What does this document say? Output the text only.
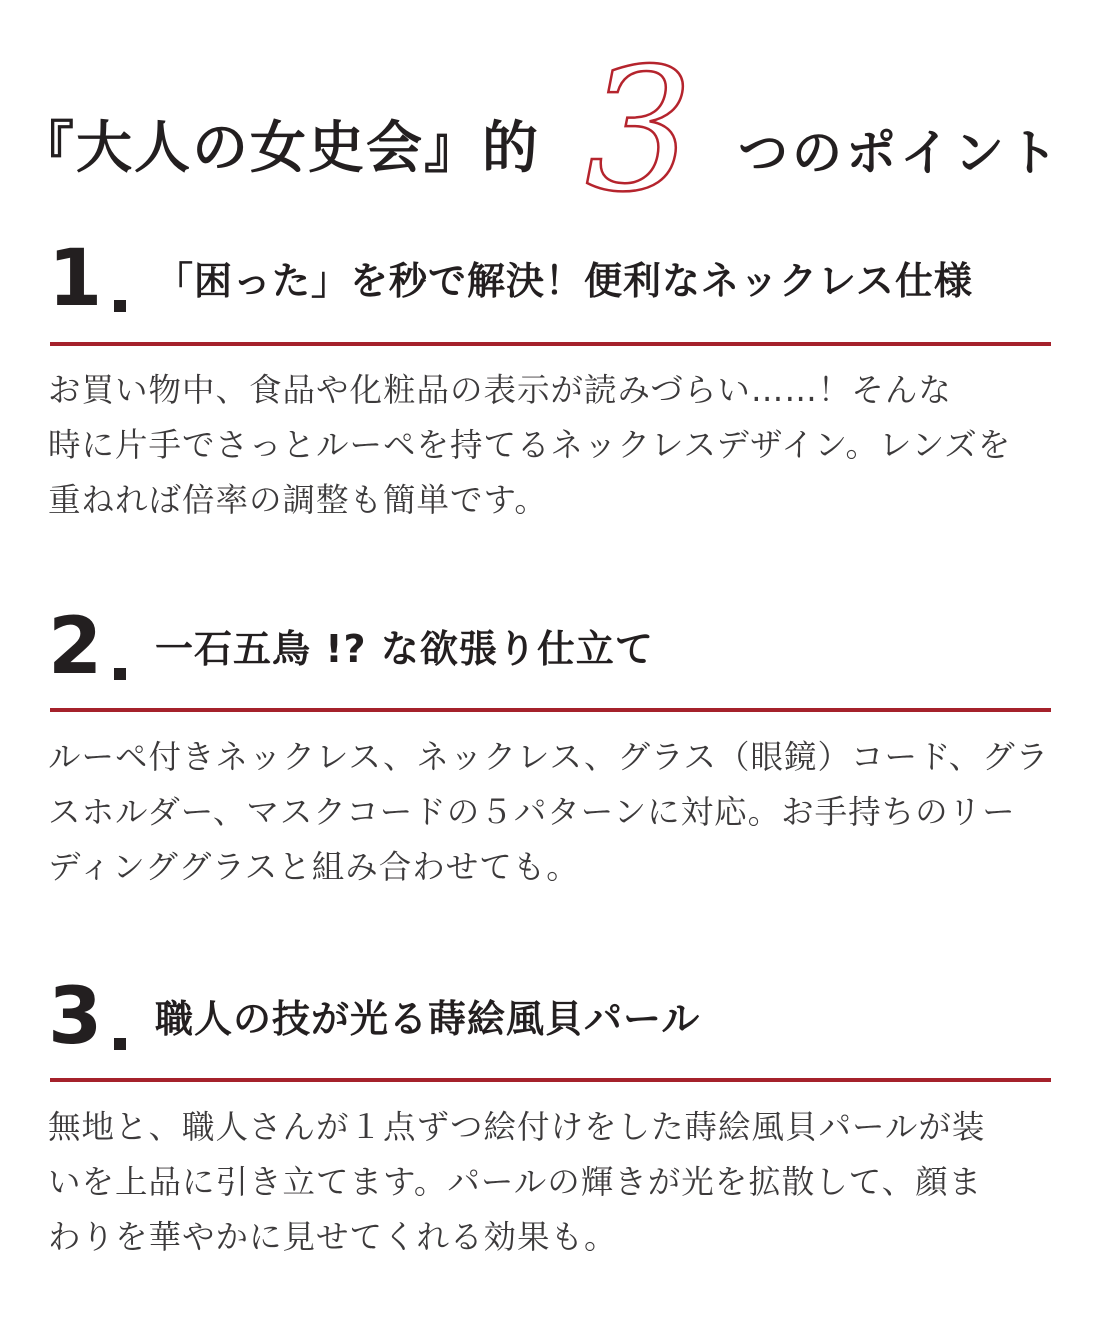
『大人の女史会』的 3 つのポイント
1 「困った」を秒で解決！便利なネックレス仕様
お買い物中、食品や化粧品の表示が読みづらい……！そんな
時に片手でさっとルーペを持てるネックレスデザイン。レンズを
重ねれば倍率の調整も簡単です。
2 一石五鳥 !? な欲張り仕立て
ルーペ付きネックレス、ネックレス、グラス（眼鏡）コード、グラ
スホルダー、マスクコードの５パターンに対応。お手持ちのリー
ディンググラスと組み合わせても。
3 職人の技が光る蒔絵風貝パール
無地と、職人さんが１点ずつ絵付けをした蒔絵風貝パールが装
いを上品に引き立てます。パールの輝きが光を拡散して、顔ま
わりを華やかに見せてくれる効果も。
